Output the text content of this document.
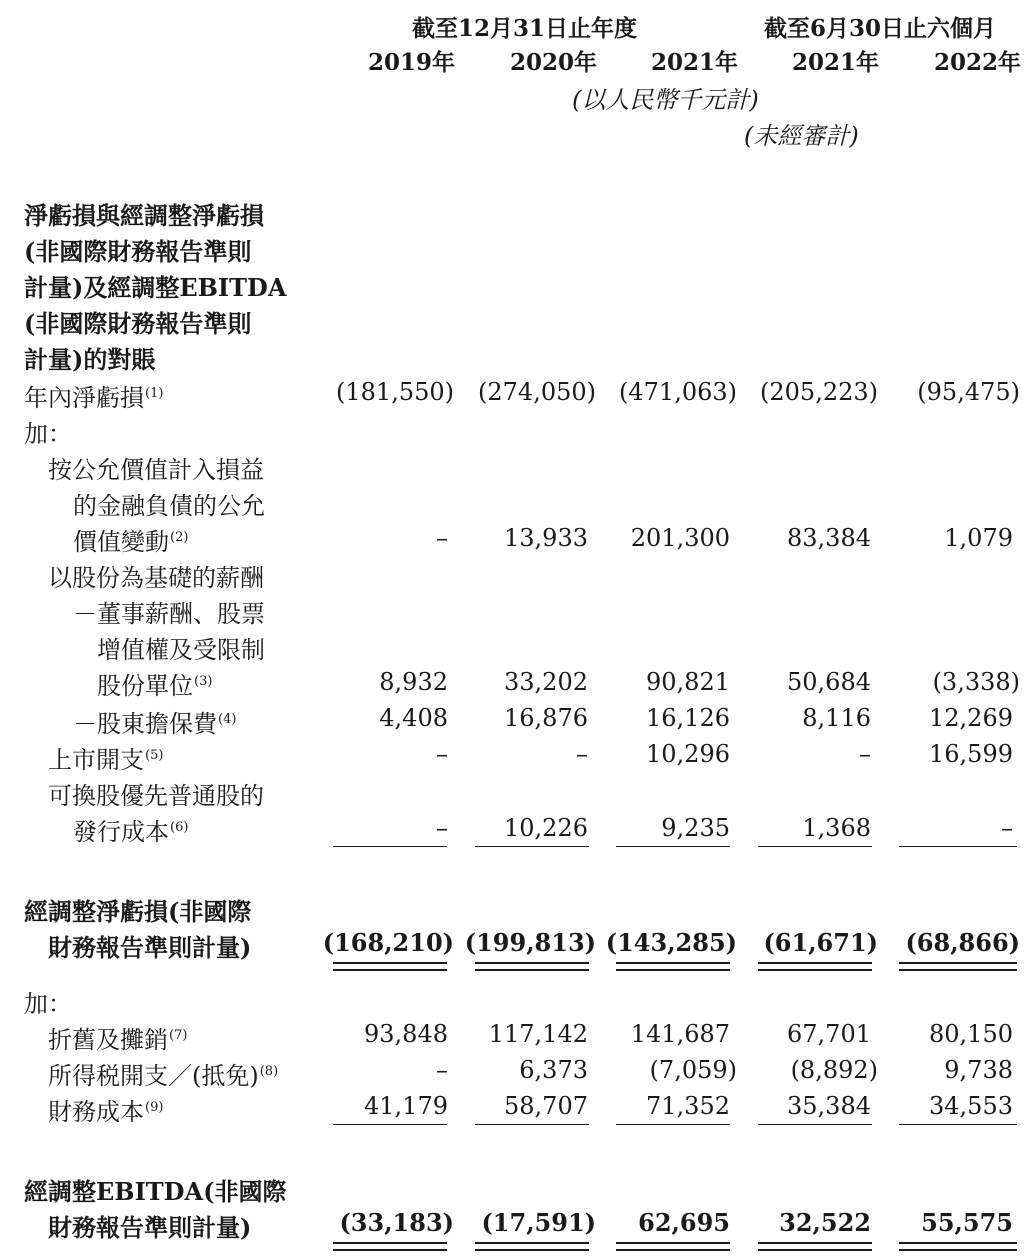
截至12月31日止年度	截至6月30日止六個月
2019年 2020年 2021年 2021年 2022年
(以人民幣千元計)
(未經審計)
淨虧損與經調整淨虧損
(非國際財務報告準則
計量)及經調整EBITDA
(非國際財務報告準則
計量)的對賬
年內淨虧損$^{(1)}$	(181,550) (274,050) (471,063) (205,223) (95,475)
加：
按公允價值計入損益
的金融負債的公允
價值變動$^{(2)}$	– 13,933 201,300 83,384	1,079
以股份為基礎的薪酬
－董事薪酬、股票
增值權及受限制
股份單位$^{(3)}$	8,932 33,202 90,821 50,684	(3,338)
－股東擔保費$^{(4)}$	4,408 16,876 16,126	8,116 12,269
上市開支$^{(5)}$	–	– 10,296	– 16,599
可換股優先普通股的
發行成本$^{(6)}$	– 10,226	9,235	1,368	–
經調整淨虧損(非國際
財務報告準則計量)	(168,210) (199,813) (143,285) (61,671) (68,866)
加：
折舊及攤銷$^{(7)}$	93,848 117,142 141,687 67,701 80,150
所得税開支／(抵免)$^{(8)}$	–	6,373	(7,059) (8,892)	9,738
財務成本$^{(9)}$	41,179 58,707 71,352 35,384 34,553
經調整EBITDA(非國際
財務報告準則計量)	(33,183) (17,591) 62,695 32,522 55,575
